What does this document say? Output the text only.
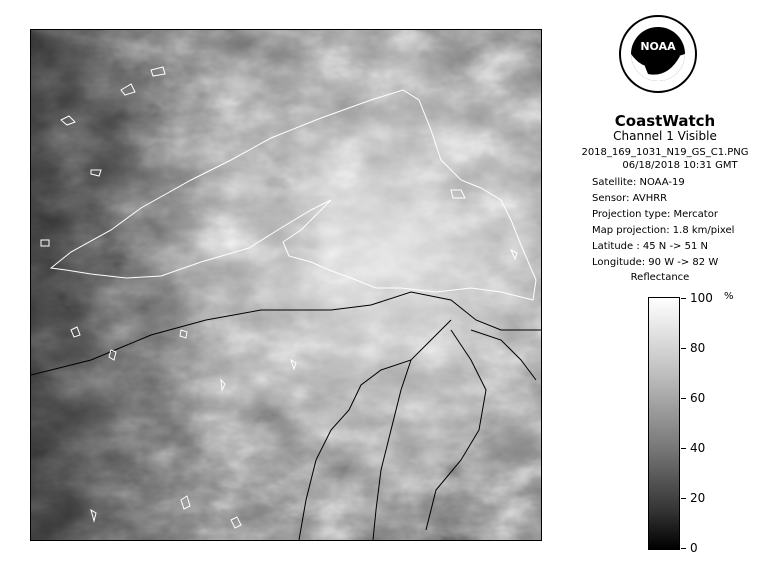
NOAA
CoastWatch
Channel 1 Visible
2018_169_1031_N19_GS_C1.PNG
06/18/2018 10:31 GMT
Satellite: NOAA-19
Sensor: AVHRR
Projection type: Mercator
Map projection: 1.8 km/pixel
Latitude : 45 N -> 51 N
Longitude: 90 W -> 82 W
Reflectance
%
100
80
60
40
20
0
